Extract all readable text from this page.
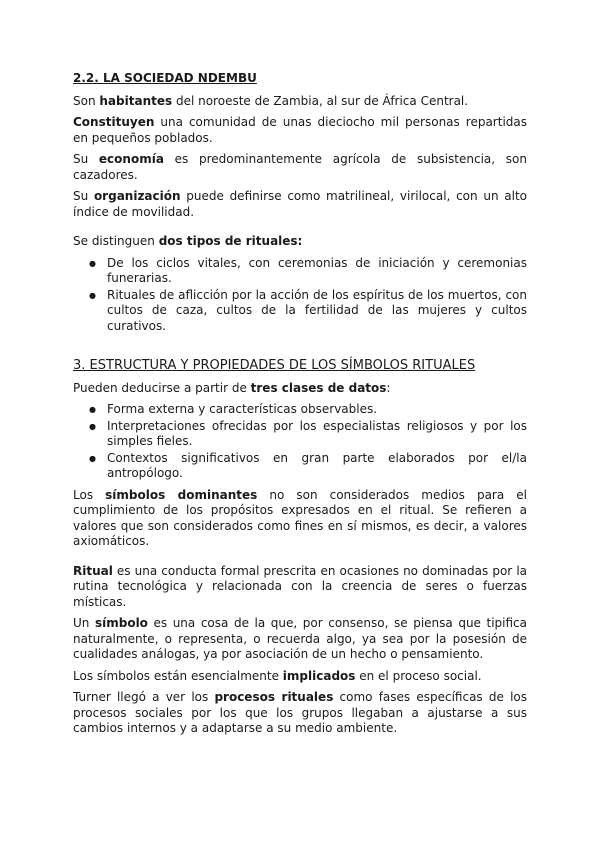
2.2. LA SOCIEDAD NDEMBU

Son habitantes del noroeste de Zambia, al sur de África Central.

Constituyen una comunidad de unas dieciocho mil personas repartidas en pequeños poblados.

Su economía es predominantemente agrícola de subsistencia, son cazadores.

Su organización puede definirse como matrilineal, virilocal, con un alto índice de movilidad.

Se distinguen dos tipos de rituales:

● De los ciclos vitales, con ceremonias de iniciación y ceremonias funerarias.
● Rituales de aflicción por la acción de los espíritus de los muertos, con cultos de caza, cultos de la fertilidad de las mujeres y cultos curativos.
3. ESTRUCTURA Y PROPIEDADES DE LOS SÍMBOLOS RITUALES

Pueden deducirse a partir de tres clases de datos:

● Forma externa y características observables.
● Interpretaciones ofrecidas por los especialistas religiosos y por los simples fieles.
● Contextos significativos en gran parte elaborados por el/la antropólogo.

Los símbolos dominantes no son considerados medios para el cumplimiento de los propósitos expresados en el ritual. Se refieren a valores que son considerados como fines en sí mismos, es decir, a valores axiomáticos.

Ritual es una conducta formal prescrita en ocasiones no dominadas por la rutina tecnológica y relacionada con la creencia de seres o fuerzas místicas.

Un símbolo es una cosa de la que, por consenso, se piensa que tipifica naturalmente, o representa, o recuerda algo, ya sea por la posesión de cualidades análogas, ya por asociación de un hecho o pensamiento.

Los símbolos están esencialmente implicados en el proceso social.

Turner llegó a ver los procesos rituales como fases específicas de los procesos sociales por los que los grupos llegaban a ajustarse a sus cambios internos y a adaptarse a su medio ambiente.
